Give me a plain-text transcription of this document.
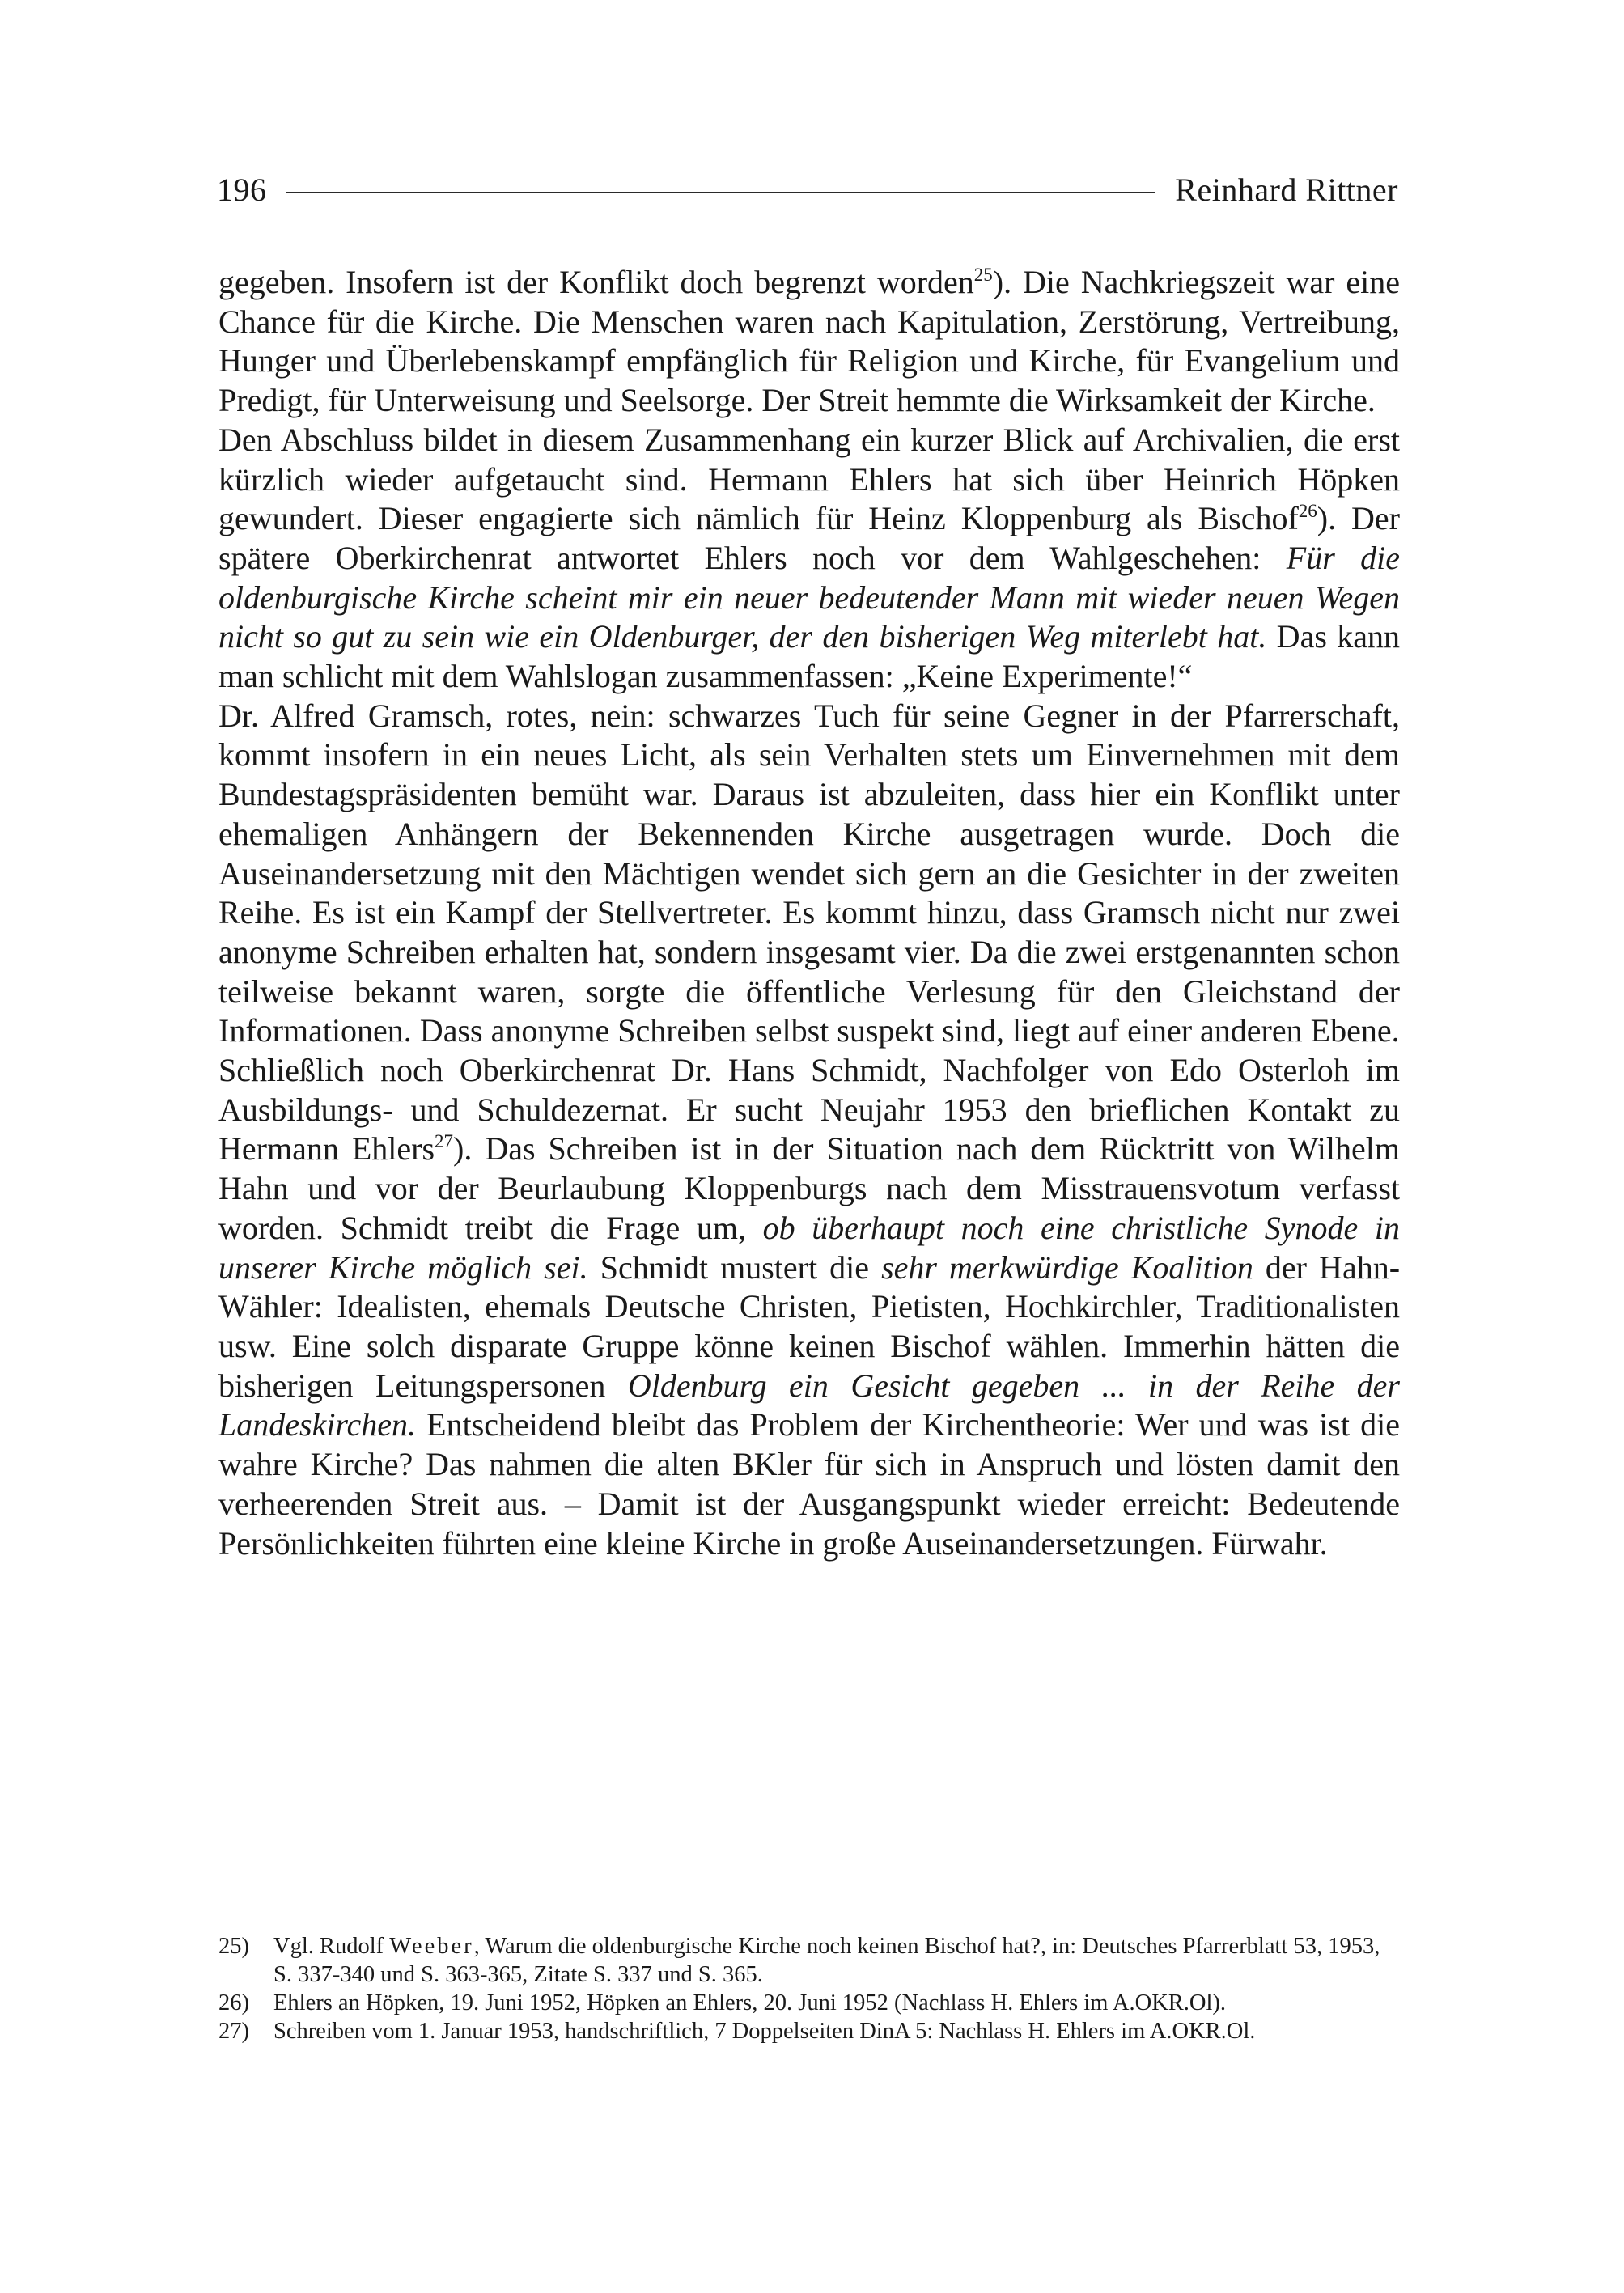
196	Reinhard Rittner

gegeben. Insofern ist der Konflikt doch begrenzt worden$^{25}$). Die Nachkriegszeit war eine Chance für die Kirche. Die Menschen waren nach Kapitulation, Zerstörung, Vertreibung, Hunger und Überlebenskampf empfänglich für Religion und Kirche, für Evangelium und Predigt, für Unterweisung und Seelsorge. Der Streit hemmte die Wirksamkeit der Kirche.

Den Abschluss bildet in diesem Zusammenhang ein kurzer Blick auf Archivalien, die erst kürzlich wieder aufgetaucht sind. Hermann Ehlers hat sich über Heinrich Höpken gewundert. Dieser engagierte sich nämlich für Heinz Kloppenburg als Bischof$^{26}$). Der spätere Oberkirchenrat antwortet Ehlers noch vor dem Wahlgeschehen: Für die oldenburgische Kirche scheint mir ein neuer bedeutender Mann mit wieder neuen Wegen nicht so gut zu sein wie ein Oldenburger, der den bisherigen Weg miterlebt hat. Das kann man schlicht mit dem Wahlslogan zusammenfassen: „Keine Experimente!“

Dr. Alfred Gramsch, rotes, nein: schwarzes Tuch für seine Gegner in der Pfarrerschaft, kommt insofern in ein neues Licht, als sein Verhalten stets um Einvernehmen mit dem Bundestagspräsidenten bemüht war. Daraus ist abzuleiten, dass hier ein Konflikt unter ehemaligen Anhängern der Bekennenden Kirche ausgetragen wurde. Doch die Auseinandersetzung mit den Mächtigen wendet sich gern an die Gesichter in der zweiten Reihe. Es ist ein Kampf der Stellvertreter. Es kommt hinzu, dass Gramsch nicht nur zwei anonyme Schreiben erhalten hat, sondern insgesamt vier. Da die zwei erstgenannten schon teilweise bekannt waren, sorgte die öffentliche Verlesung für den Gleichstand der Informationen. Dass anonyme Schreiben selbst suspekt sind, liegt auf einer anderen Ebene.

Schließlich noch Oberkirchenrat Dr. Hans Schmidt, Nachfolger von Edo Osterloh im Ausbildungs- und Schuldezernat. Er sucht Neujahr 1953 den brieflichen Kontakt zu Hermann Ehlers$^{27}$). Das Schreiben ist in der Situation nach dem Rücktritt von Wilhelm Hahn und vor der Beurlaubung Kloppenburgs nach dem Misstrauensvotum verfasst worden. Schmidt treibt die Frage um, ob überhaupt noch eine christliche Synode in unserer Kirche möglich sei. Schmidt mustert die sehr merkwürdige Koalition der Hahn-Wähler: Idealisten, ehemals Deutsche Christen, Pietisten, Hochkirchler, Traditionalisten usw. Eine solch disparate Gruppe könne keinen Bischof wählen. Immerhin hätten die bisherigen Leitungspersonen Oldenburg ein Gesicht gegeben ... in der Reihe der Landeskirchen. Entscheidend bleibt das Problem der Kirchentheorie: Wer und was ist die wahre Kirche? Das nahmen die alten BKler für sich in Anspruch und lösten damit den verheerenden Streit aus. – Damit ist der Ausgangspunkt wieder erreicht: Bedeutende Persönlichkeiten führten eine kleine Kirche in große Auseinandersetzungen. Fürwahr.

25)	Vgl. Rudolf Weeber, Warum die oldenburgische Kirche noch keinen Bischof hat?, in: Deutsches Pfarrerblatt 53, 1953, S. 337-340 und S. 363-365, Zitate S. 337 und S. 365.
26)	Ehlers an Höpken, 19. Juni 1952, Höpken an Ehlers, 20. Juni 1952 (Nachlass H. Ehlers im A.OKR.Ol).
27)	Schreiben vom 1. Januar 1953, handschriftlich, 7 Doppelseiten DinA 5: Nachlass H. Ehlers im A.OKR.Ol.
